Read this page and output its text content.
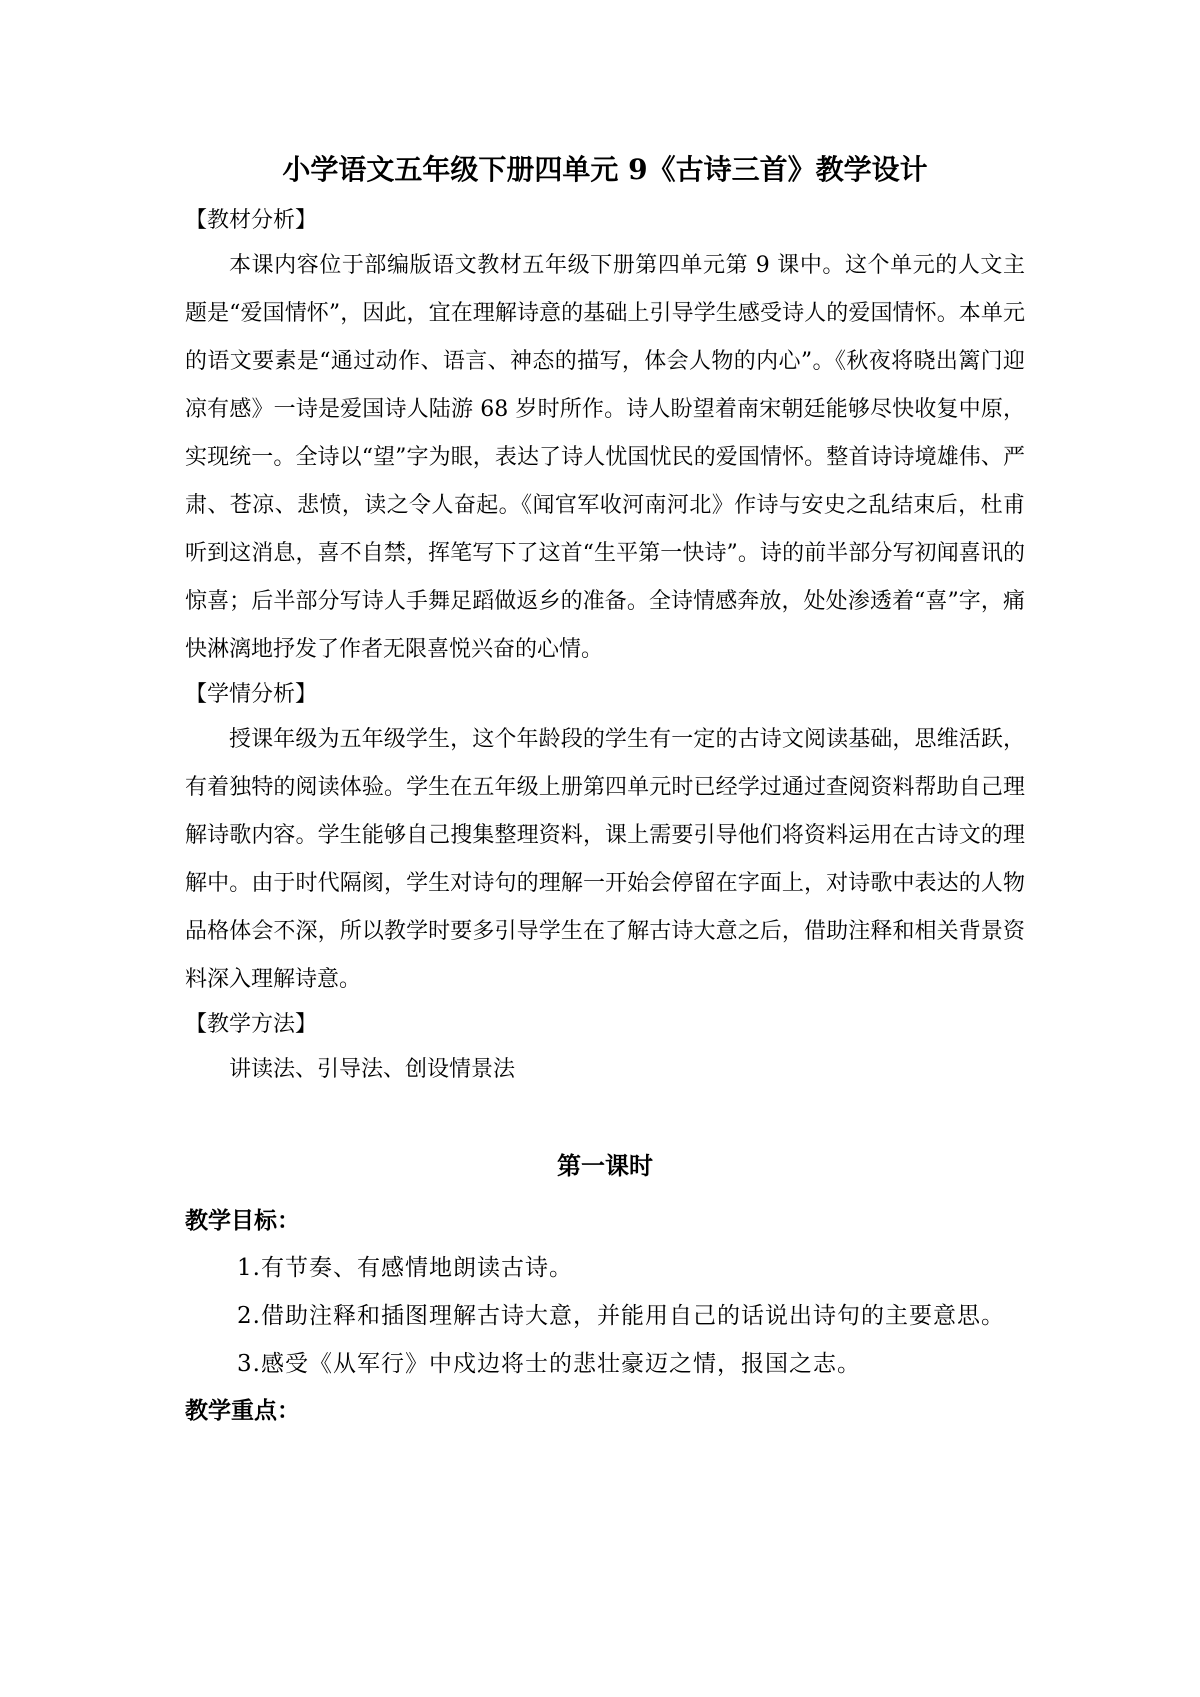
小学语文五年级下册四单元 9《古诗三首》教学设计

【教材分析】

本课内容位于部编版语文教材五年级下册第四单元第 9 课中。这个单元的人文主题是“爱国情怀”，因此，宜在理解诗意的基础上引导学生感受诗人的爱国情怀。本单元的语文要素是“通过动作、语言、神态的描写，体会人物的内心”。《秋夜将晓出篱门迎凉有感》一诗是爱国诗人陆游 68 岁时所作。诗人盼望着南宋朝廷能够尽快收复中原，实现统一。全诗以“望”字为眼，表达了诗人忧国忧民的爱国情怀。整首诗诗境雄伟、严肃、苍凉、悲愤，读之令人奋起。《闻官军收河南河北》作诗与安史之乱结束后，杜甫听到这消息，喜不自禁，挥笔写下了这首“生平第一快诗”。诗的前半部分写初闻喜讯的惊喜；后半部分写诗人手舞足蹈做返乡的准备。全诗情感奔放，处处渗透着“喜”字，痛快淋漓地抒发了作者无限喜悦兴奋的心情。

【学情分析】

授课年级为五年级学生，这个年龄段的学生有一定的古诗文阅读基础，思维活跃，有着独特的阅读体验。学生在五年级上册第四单元时已经学过通过查阅资料帮助自己理解诗歌内容。学生能够自己搜集整理资料，课上需要引导他们将资料运用在古诗文的理解中。由于时代隔阂，学生对诗句的理解一开始会停留在字面上，对诗歌中表达的人物品格体会不深，所以教学时要多引导学生在了解古诗大意之后，借助注释和相关背景资料深入理解诗意。

【教学方法】

讲读法、引导法、创设情景法

第一课时

教学目标：

1.有节奏、有感情地朗读古诗。

2.借助注释和插图理解古诗大意，并能用自己的话说出诗句的主要意思。

3.感受《从军行》中戍边将士的悲壮豪迈之情，报国之志。

教学重点：
